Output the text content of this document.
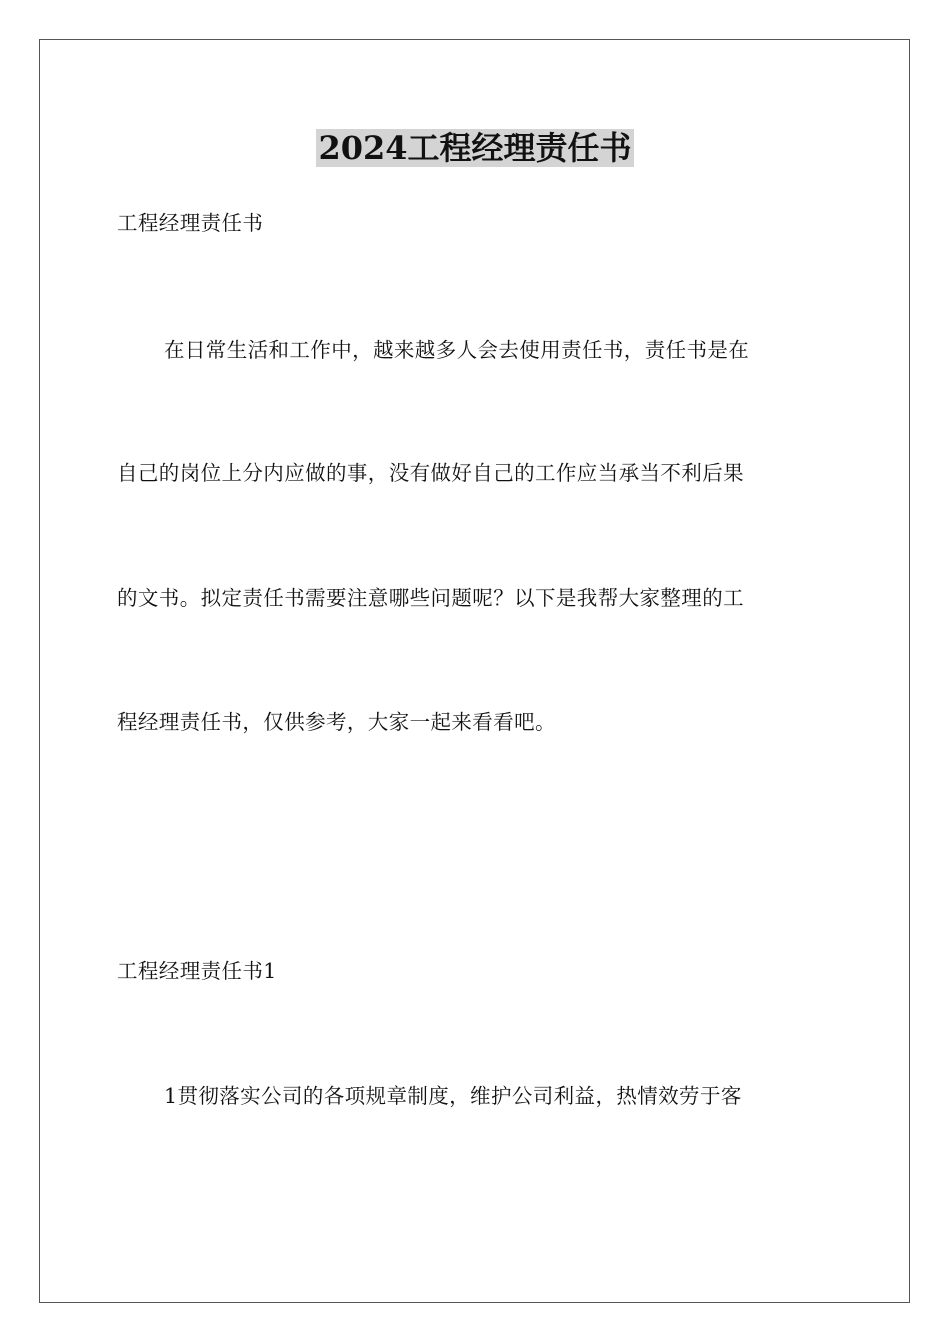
2024工程经理责任书

工程经理责任书

在日常生活和工作中，越来越多人会去使用责任书，责任书是在

自己的岗位上分内应做的事，没有做好自己的工作应当承当不利后果

的文书。拟定责任书需要注意哪些问题呢？以下是我帮大家整理的工

程经理责任书，仅供参考，大家一起来看看吧。

工程经理责任书1

1贯彻落实公司的各项规章制度，维护公司利益，热情效劳于客
